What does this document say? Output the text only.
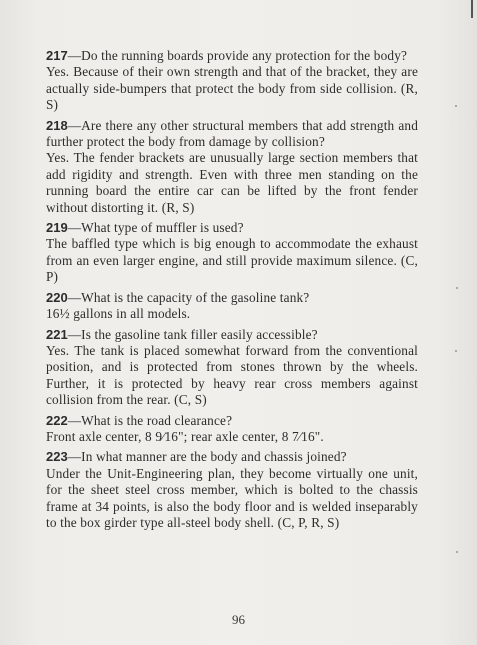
217—Do the running boards provide any protection for the body?

Yes. Because of their own strength and that of the bracket, they are actually side-bumpers that protect the body from side collision. (R, S)

218—Are there any other structural members that add strength and further protect the body from damage by collision?

Yes. The fender brackets are unusually large section members that add rigidity and strength. Even with three men standing on the running board the entire car can be lifted by the front fender without distorting it. (R, S)

219—What type of muffler is used?

The baffled type which is big enough to accommodate the exhaust from an even larger engine, and still provide maximum silence. (C, P)

220—What is the capacity of the gasoline tank?

16½ gallons in all models.

221—Is the gasoline tank filler easily accessible?

Yes. The tank is placed somewhat forward from the conventional position, and is protected from stones thrown by the wheels. Further, it is protected by heavy rear cross members against collision from the rear. (C, S)

222—What is the road clearance?

Front axle center, 8 9⁄16"; rear axle center, 8 7⁄16".

223—In what manner are the body and chassis joined?

Under the Unit-Engineering plan, they become virtually one unit, for the sheet steel cross member, which is bolted to the chassis frame at 34 points, is also the body floor and is welded inseparably to the box girder type all-steel body shell. (C, P, R, S)

96
